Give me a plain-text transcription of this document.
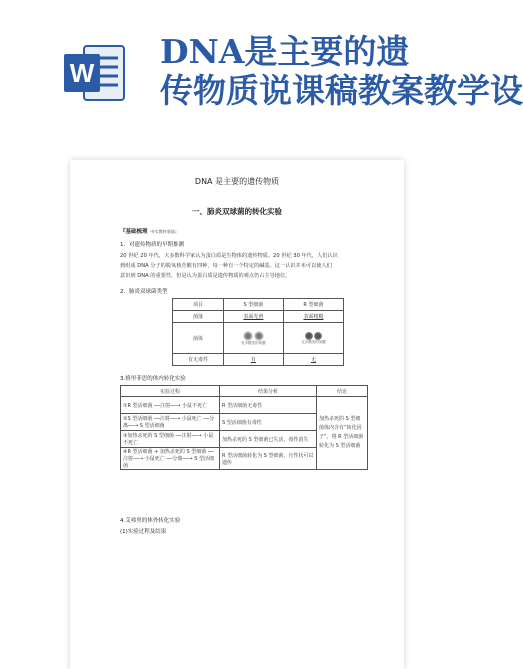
W
DNA是主要的遗
传物质说课稿教案教学设
DNA 是主要的遗传物质
一、肺炎双球菌的转化实验
『基础梳理 ·夯实教材基础』
1．对遗传物质的早期推测
20 世纪 20 年代，大多数科学家认为蛋白质是生物体的遗传物质。20 世纪 30 年代，人们认识
到组成 DNA 分子的脱氧核苷酸有四种，每一种有一个特定的碱基。这一认识并未可以使人们
意识到 DNA 的重要性，但是认为蛋白质是遗传物质的观点仍占主导地位。
2．肺炎双球菌类型
项目	S 型细菌	R 型细菌
菌落	表面光滑	表面粗糙
菌体	有多糖类的荚膜	无多糖类的荚膜

有无毒性	有	无
3.格里菲思的体内转化实验
实验过程	结果分析	结论
①R 型活细菌 ──注射──→ 小鼠不死亡	R 型活细菌无毒性	加热杀死的 S 型细菌体内含有“转化因子”，将 R 型活细菌转化为 S 型活细菌
②S 型活细菌 ──注射──→ 小鼠死亡 ──分离──→ S 型活细菌	S 型活细菌有毒性	
③加热杀死的 S 型细菌 ──注射──→ 小鼠不死亡	加热杀死的 S 型细菌已失活，毒性消失	
④R 型活细菌 + 加热杀死的 S 型细菌 ──注射──→ 小鼠死亡 ──分离──→ S 型活细菌	R 型活细菌转化为 S 型细菌，且性状可以遗传	
4.艾弗里的体外转化实验
(1)实验过程及结果
